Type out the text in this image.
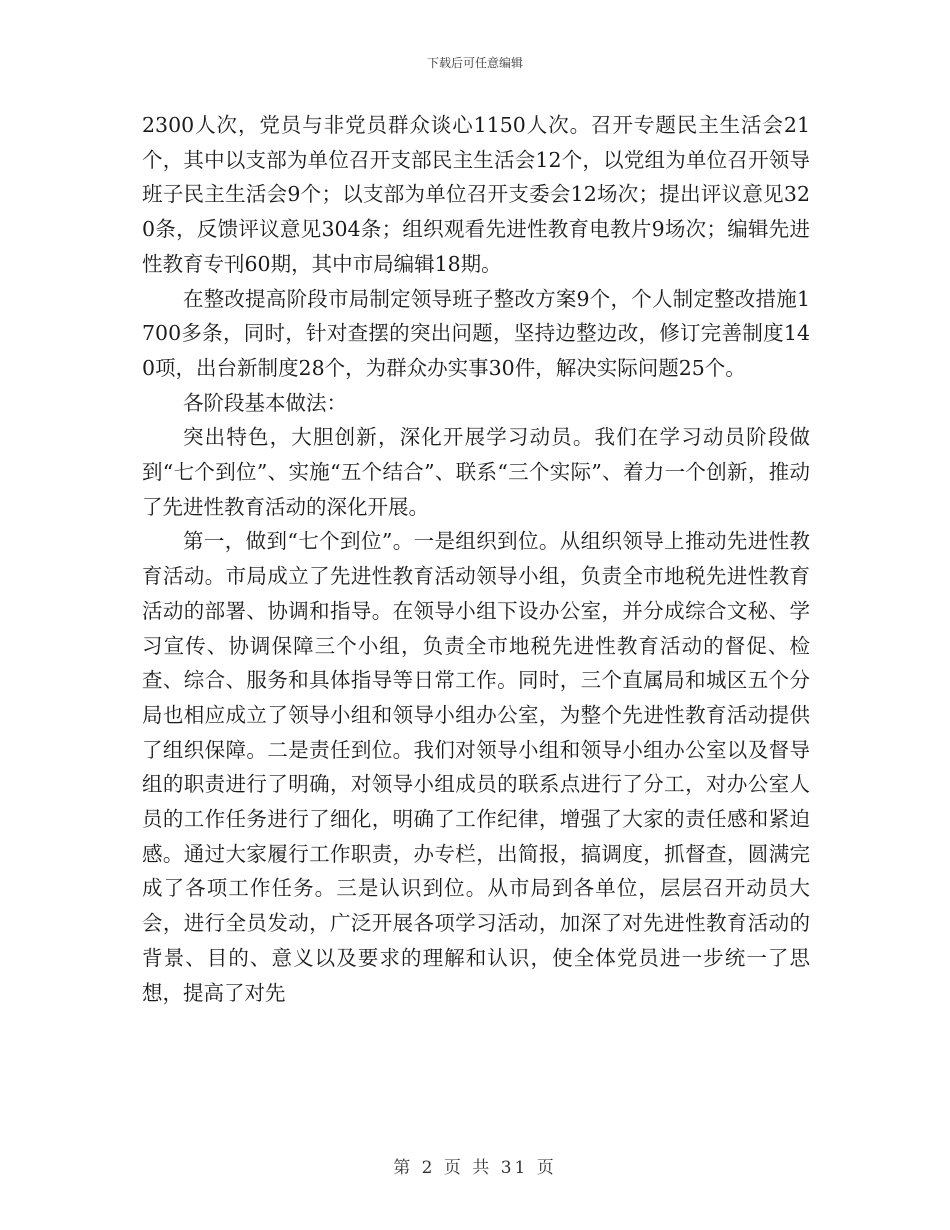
下载后可任意编辑

2300人次，党员与非党员群众谈心1150人次。召开专题民主生活会21个，其中以支部为单位召开支部民主生活会12个，以党组为单位召开领导班子民主生活会9个；以支部为单位召开支委会12场次；提出评议意见320条，反馈评议意见304条；组织观看先进性教育电教片9场次；编辑先进性教育专刊60期，其中市局编辑18期。

在整改提高阶段市局制定领导班子整改方案9个，个人制定整改措施1700多条，同时，针对查摆的突出问题，坚持边整边改，修订完善制度140项，出台新制度28个，为群众办实事30件，解决实际问题25个。

各阶段基本做法：

突出特色，大胆创新，深化开展学习动员。我们在学习动员阶段做到“七个到位”、实施“五个结合”、联系“三个实际”、着力一个创新，推动了先进性教育活动的深化开展。

第一，做到“七个到位”。一是组织到位。从组织领导上推动先进性教育活动。市局成立了先进性教育活动领导小组，负责全市地税先进性教育活动的部署、协调和指导。在领导小组下设办公室，并分成综合文秘、学习宣传、协调保障三个小组，负责全市地税先进性教育活动的督促、检查、综合、服务和具体指导等日常工作。同时，三个直属局和城区五个分局也相应成立了领导小组和领导小组办公室，为整个先进性教育活动提供了组织保障。二是责任到位。我们对领导小组和领导小组办公室以及督导组的职责进行了明确，对领导小组成员的联系点进行了分工，对办公室人员的工作任务进行了细化，明确了工作纪律，增强了大家的责任感和紧迫感。通过大家履行工作职责，办专栏，出简报，搞调度，抓督查，圆满完成了各项工作任务。三是认识到位。从市局到各单位，层层召开动员大会，进行全员发动，广泛开展各项学习活动，加深了对先进性教育活动的背景、目的、意义以及要求的理解和认识，使全体党员进一步统一了思想，提高了对先

第 2 页 共 31 页
